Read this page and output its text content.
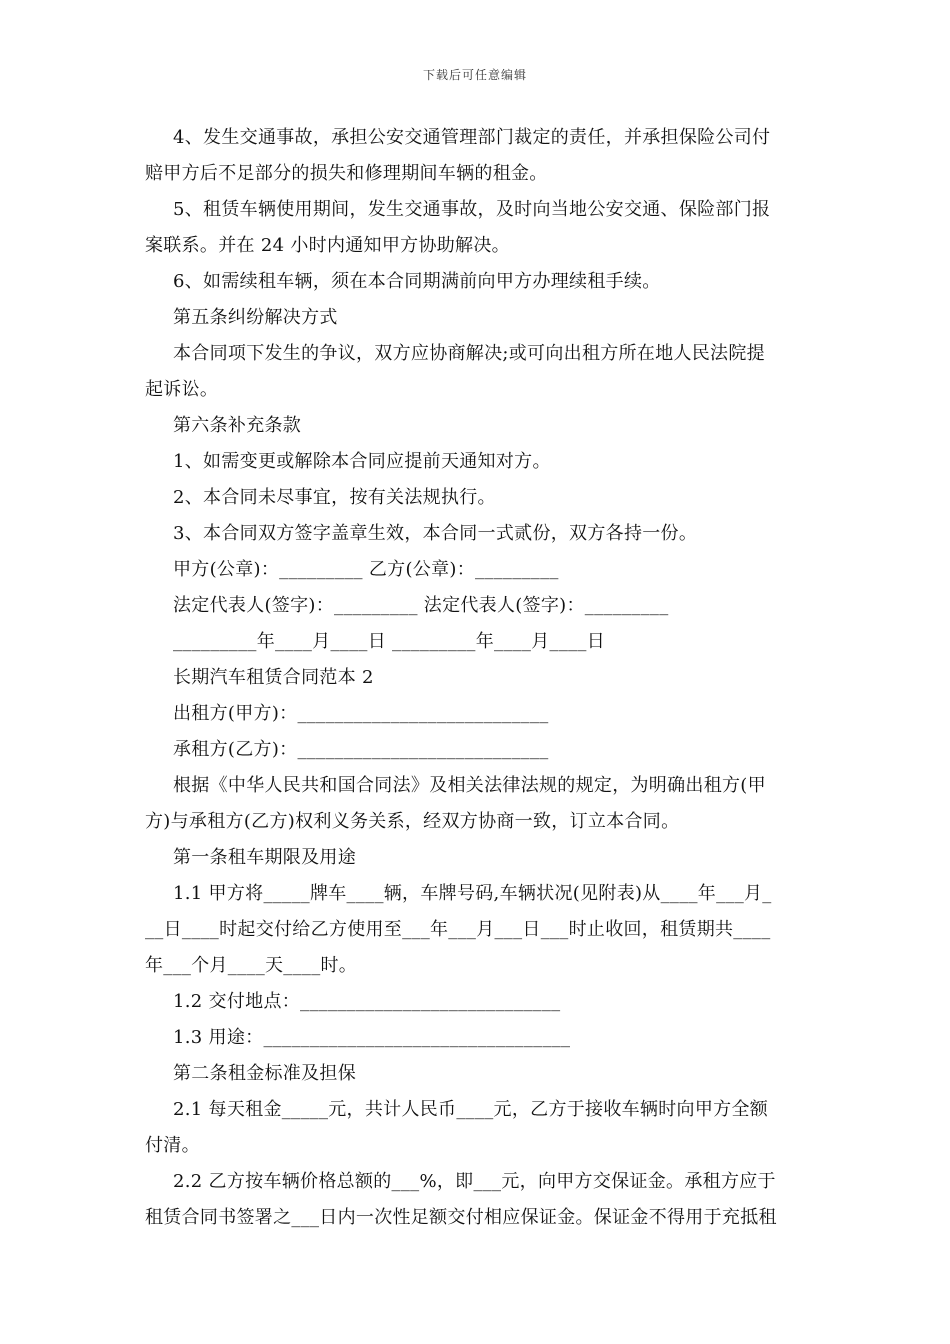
下载后可任意编辑
4、发生交通事故，承担公安交通管理部门裁定的责任，并承担保险公司付
赔甲方后不足部分的损失和修理期间车辆的租金。
5、租赁车辆使用期间，发生交通事故，及时向当地公安交通、保险部门报
案联系。并在 24 小时内通知甲方协助解决。
6、如需续租车辆，须在本合同期满前向甲方办理续租手续。
第五条纠纷解决方式
本合同项下发生的争议，双方应协商解决;或可向出租方所在地人民法院提
起诉讼。
第六条补充条款
1、如需变更或解除本合同应提前天通知对方。
2、本合同未尽事宜，按有关法规执行。
3、本合同双方签字盖章生效，本合同一式贰份，双方各持一份。
甲方(公章)：_________ 乙方(公章)：_________
法定代表人(签字)：_________ 法定代表人(签字)：_________
_________年____月____日 _________年____月____日
长期汽车租赁合同范本 2
出租方(甲方)：___________________________
承租方(乙方)：___________________________
根据《中华人民共和国合同法》及相关法律法规的规定，为明确出租方(甲
方)与承租方(乙方)权利义务关系，经双方协商一致，订立本合同。
第一条租车期限及用途
1.1 甲方将_____牌车____辆，车牌号码,车辆状况(见附表)从____年___月_
__日____时起交付给乙方使用至___年___月___日___时止收回，租赁期共____
年___个月____天____时。
1.2 交付地点：____________________________
1.3 用途：_________________________________
第二条租金标准及担保
2.1 每天租金_____元，共计人民币____元，乙方于接收车辆时向甲方全额
付清。
2.2 乙方按车辆价格总额的___%，即___元，向甲方交保证金。承租方应于
租赁合同书签署之___日内一次性足额交付相应保证金。保证金不得用于充抵租
